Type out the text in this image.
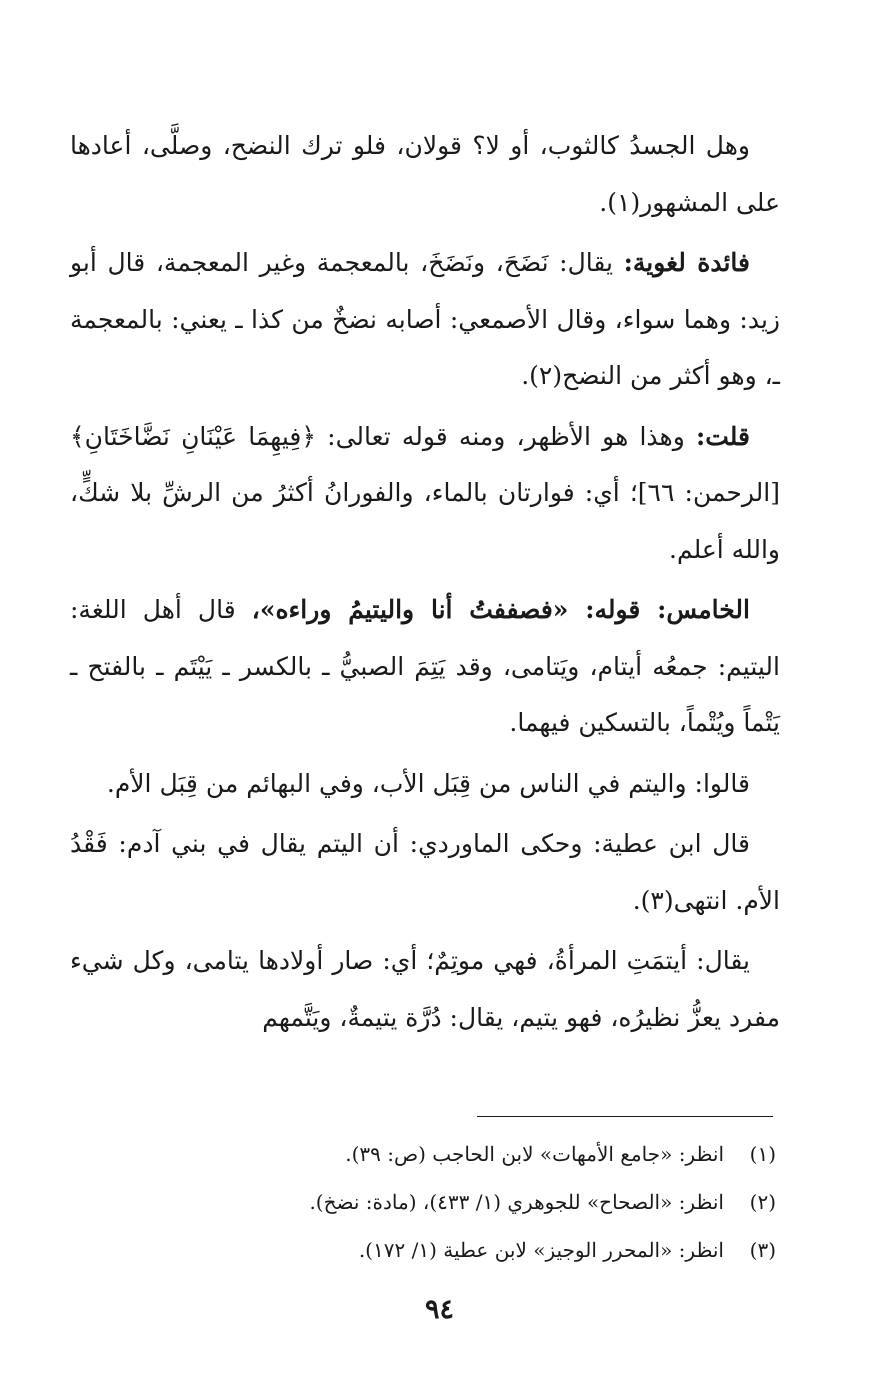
وهل الجسدُ كالثوب، أو لا؟ قولان، فلو ترك النضح، وصلَّى، أعادها على المشهور(١).

فائدة لغوية: يقال: نَضَحَ، ونَضَخَ، بالمعجمة وغير المعجمة، قال أبو زيد: وهما سواء، وقال الأصمعي: أصابه نضخٌ من كذا ـ يعني: بالمعجمة ـ، وهو أكثر من النضح(٢).

قلت: وهذا هو الأظهر، ومنه قوله تعالى: ﴿فِيهِمَا عَيْنَانِ نَضَّاخَتَانِ﴾[الرحمن: ٦٦]؛ أي: فوارتان بالماء، والفورانُ أكثرُ من الرشِّ بلا شكٍّ، والله أعلم.

الخامس: قوله: «فصففتُ أنا واليتيمُ وراءه»، قال أهل اللغة: اليتيم: جمعُه أيتام، ويَتامى، وقد يَتِمَ الصبيُّ ـ بالكسر ـ يَيْتَم ـ بالفتح ـ يَتْماً ويُتْماً، بالتسكين فيهما.

قالوا: واليتم في الناس من قِبَل الأب، وفي البهائم من قِبَل الأم.

قال ابن عطية: وحكى الماوردي: أن اليتم يقال في بني آدم: فَقْدُ الأم. انتهى(٣).

يقال: أيتمَتِ المرأةُ، فهي موتِمٌ؛ أي: صار أولادها يتامى، وكل شيء مفرد يعزُّ نظيرُه، فهو يتيم، يقال: دُرَّة يتيمةٌ، ويَتَّمهم

(١)انظر: «جامع الأمهات» لابن الحاجب (ص: ٣٩).
(٢)انظر: «الصحاح» للجوهري (١/ ٤٣٣)، (مادة: نضخ).
(٣)انظر: «المحرر الوجيز» لابن عطية (١/ ١٧٢).
٩٤
